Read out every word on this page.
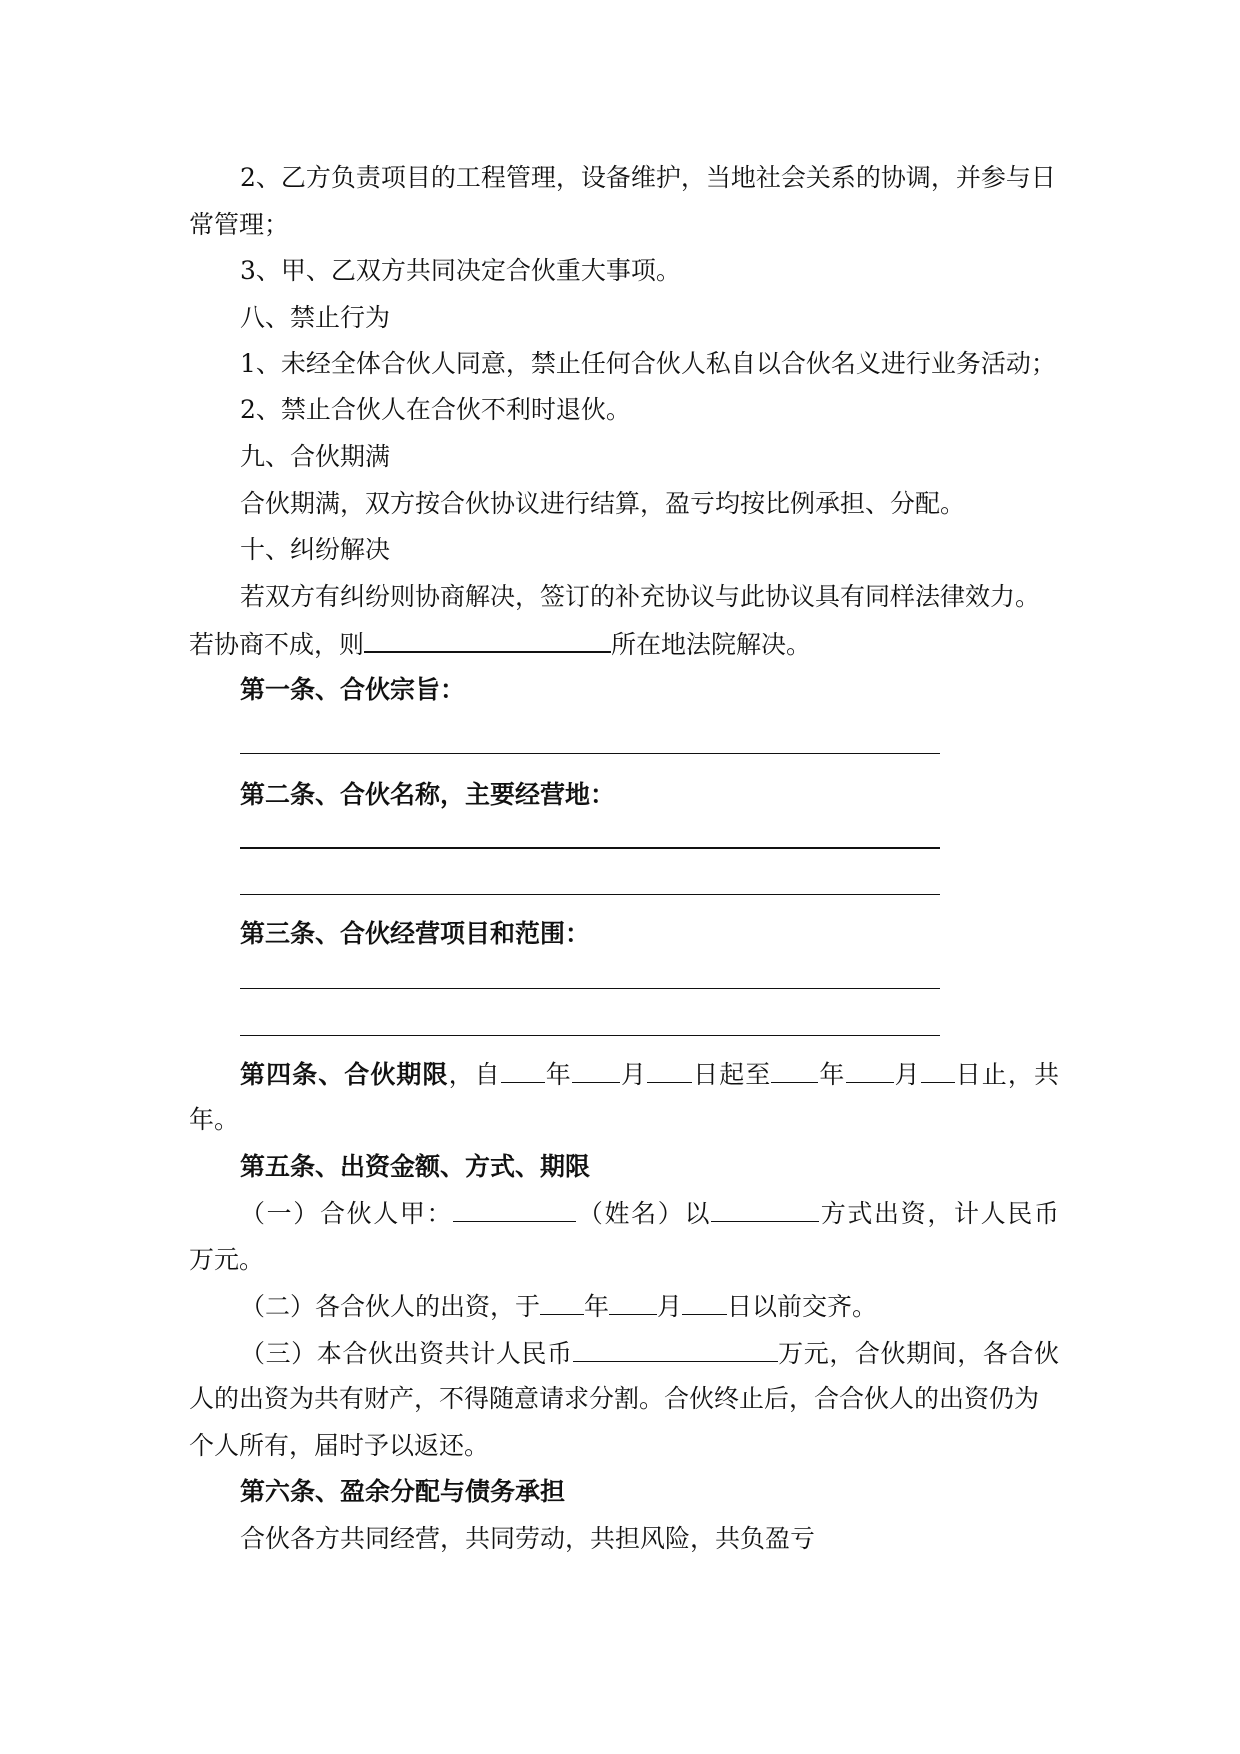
2、乙方负责项目的工程管理，设备维护，当地社会关系的协调，并参与日
常管理；
3、甲、乙双方共同决定合伙重大事项。
八、禁止行为
1、未经全体合伙人同意，禁止任何合伙人私自以合伙名义进行业务活动；
2、禁止合伙人在合伙不利时退伙。
九、合伙期满
合伙期满，双方按合伙协议进行结算，盈亏均按比例承担、分配。
十、纠纷解决
若双方有纠纷则协商解决，签订的补充协议与此协议具有同样法律效力。
若协商不成，则	所在地法院解决。
第一条、合伙宗旨：
第二条、合伙名称，主要经营地：
第三条、合伙经营项目和范围：
第四条、合伙期限，自 年 月 日起至 年 月 日止，共
年。
第五条、出资金额、方式、期限
（一）合伙人甲：	（姓名）以	方式出资，计人民币
万元。
（二）各合伙人的出资，于 年 月 日以前交齐。
（三）本合伙出资共计人民币	万元，合伙期间，各合伙
人的出资为共有财产，不得随意请求分割。合伙终止后，合合伙人的出资仍为
个人所有，届时予以返还。
第六条、盈余分配与债务承担
合伙各方共同经营，共同劳动，共担风险，共负盈亏
